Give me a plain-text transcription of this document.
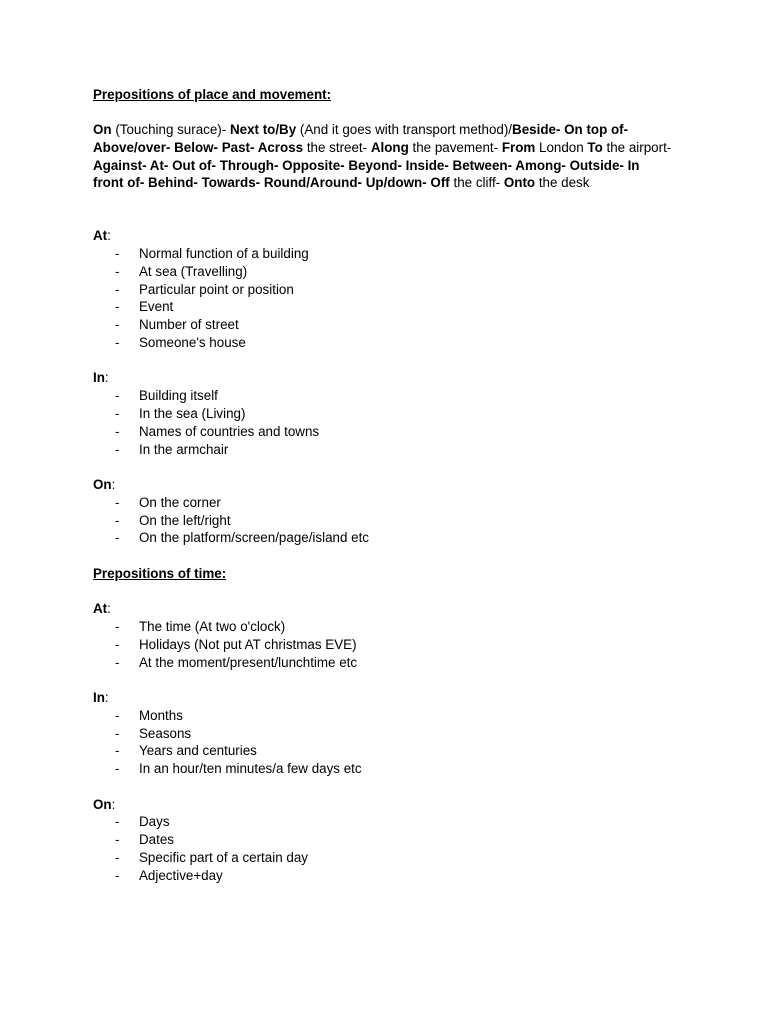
Prepositions of place and movement:
On (Touching surace)- Next to/By (And it goes with transport method)/Beside- On top of- Above/over- Below- Past- Across the street- Along the pavement- From London To the airport- Against- At- Out of- Through- Opposite- Beyond- Inside- Between- Among- Outside- In front of- Behind- Towards- Round/Around- Up/down- Off the cliff- Onto the desk
At:
- Normal function of a building
- At sea (Travelling)
- Particular point or position
- Event
- Number of street
- Someone's house
In:
- Building itself
- In the sea (Living)
- Names of countries and towns
- In the armchair
On:
- On the corner
- On the left/right
- On the platform/screen/page/island etc
Prepositions of time:
At:
- The time (At two o'clock)
- Holidays (Not put AT christmas EVE)
- At the moment/present/lunchtime etc
In:
- Months
- Seasons
- Years and centuries
- In an hour/ten minutes/a few days etc
On:
- Days
- Dates
- Specific part of a certain day
- Adjective+day
